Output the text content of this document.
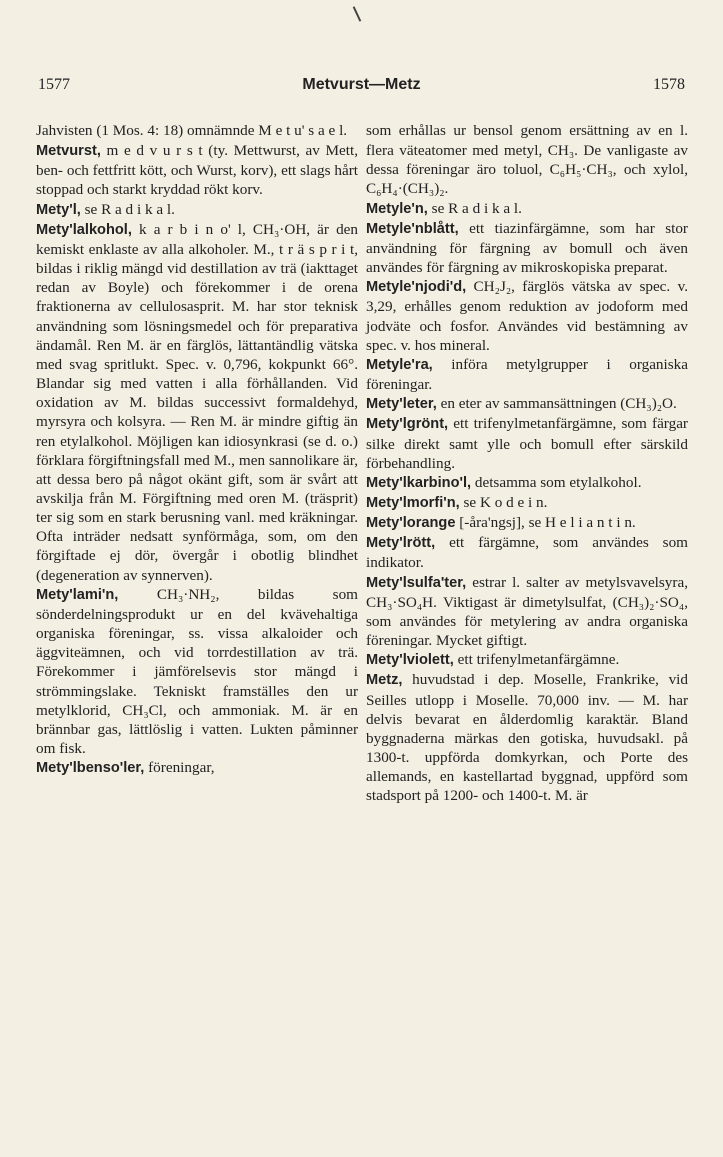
1577	Metvurst—Metz	1578

Jahvisten (1 Mos. 4: 18) omnämnde M e t u' s a e l.

Metvurst, m e d v u r s t (ty. Mettwurst, av Mett, ben- och fettfritt kött, och Wurst, korv), ett slags hårt stoppad och starkt kryddad rökt korv.

Mety'l, se R a d i k a l.

Mety'lalkohol, k a r b i n o' l, CH₃·OH, är den kemiskt enklaste av alla alkoholer. M., t r ä s p r i t, bildas i riklig mängd vid destillation av trä (iakttaget redan av Boyle) och förekommer i de orena fraktionerna av cellulosasprit. M. har stor teknisk användning som lösningsmedel och för preparativa ändamål. Ren M. är en färglös, lättantändlig vätska med svag spritlukt. Spec. v. 0,796, kokpunkt 66°. Blandar sig med vatten i alla förhållanden. Vid oxidation av M. bildas successivt formaldehyd, myrsyra och kolsyra. — Ren M. är mindre giftig än ren etylalkohol. Möjligen kan idiosynkrasi (se d. o.) förklara förgiftningsfall med M., men sannolikare är, att dessa bero på något okänt gift, som är svårt att avskilja från M. Förgiftning med oren M. (träsprit) ter sig som en stark berusning vanl. med kräkningar. Ofta inträder nedsatt synförmåga, som, om den förgiftade ej dör, övergår i obotlig blindhet (degeneration av synnerven).

Mety'lami'n, CH₃·NH₂, bildas som sönderdelningsprodukt ur en del kvävehaltiga organiska föreningar, ss. vissa alkaloider och äggviteämnen, och vid torrdestillation av trä. Förekommer i jämförelsevis stor mängd i strömmingslake. Tekniskt framställes den ur metylklorid, CH₃Cl, och ammoniak. M. är en brännbar gas, lättlöslig i vatten. Lukten påminner om fisk.

Mety'lbenso'ler, föreningar,

som erhållas ur bensol genom ersättning av en l. flera väteatomer med metyl, CH₃. De vanligaste av dessa föreningar äro toluol, C₆H₅·CH₃, och xylol, C₆H₄·(CH₃)₂.

Metyle'n, se R a d i k a l.

Metyle'nblått, ett tiazinfärgämne, som har stor användning för färgning av bomull och även användes för färgning av mikroskopiska preparat.

Metyle'njodi'd, CH₂J₂, färglös vätska av spec. v. 3,29, erhålles genom reduktion av jodoform med jodväte och fosfor. Användes vid bestämning av spec. v. hos mineral.

Metyle'ra, införa metylgrupper i organiska föreningar.

Mety'leter, en eter av sammansättningen (CH₃)₂O.

Mety'lgrönt, ett trifenylmetanfärgämne, som färgar silke direkt samt ylle och bomull efter särskild förbehandling.

Mety'lkarbino'l, detsamma som etylalkohol.

Mety'lmorfi'n, se K o d e i n.

Mety'lorange [-åra'ngsj], se H e l i a n t i n.

Mety'lrött, ett färgämne, som användes som indikator.

Mety'lsulfa'ter, estrar l. salter av metylsvavelsyra, CH₃·SO₄H. Viktigast är dimetylsulfat, (CH₃)₂·SO₄, som användes för metylering av andra organiska föreningar. Mycket giftigt.

Mety'lviolett, ett trifenylmetanfärgämne.

Metz, huvudstad i dep. Moselle, Frankrike, vid Seilles utlopp i Moselle. 70,000 inv. — M. har delvis bevarat en ålderdomlig karaktär. Bland byggnaderna märkas den gotiska, huvudsakl. på 1300-t. uppförda domkyrkan, och Porte des allemands, en kastellartad byggnad, uppförd som stadsport på 1200- och 1400-t. M. är
